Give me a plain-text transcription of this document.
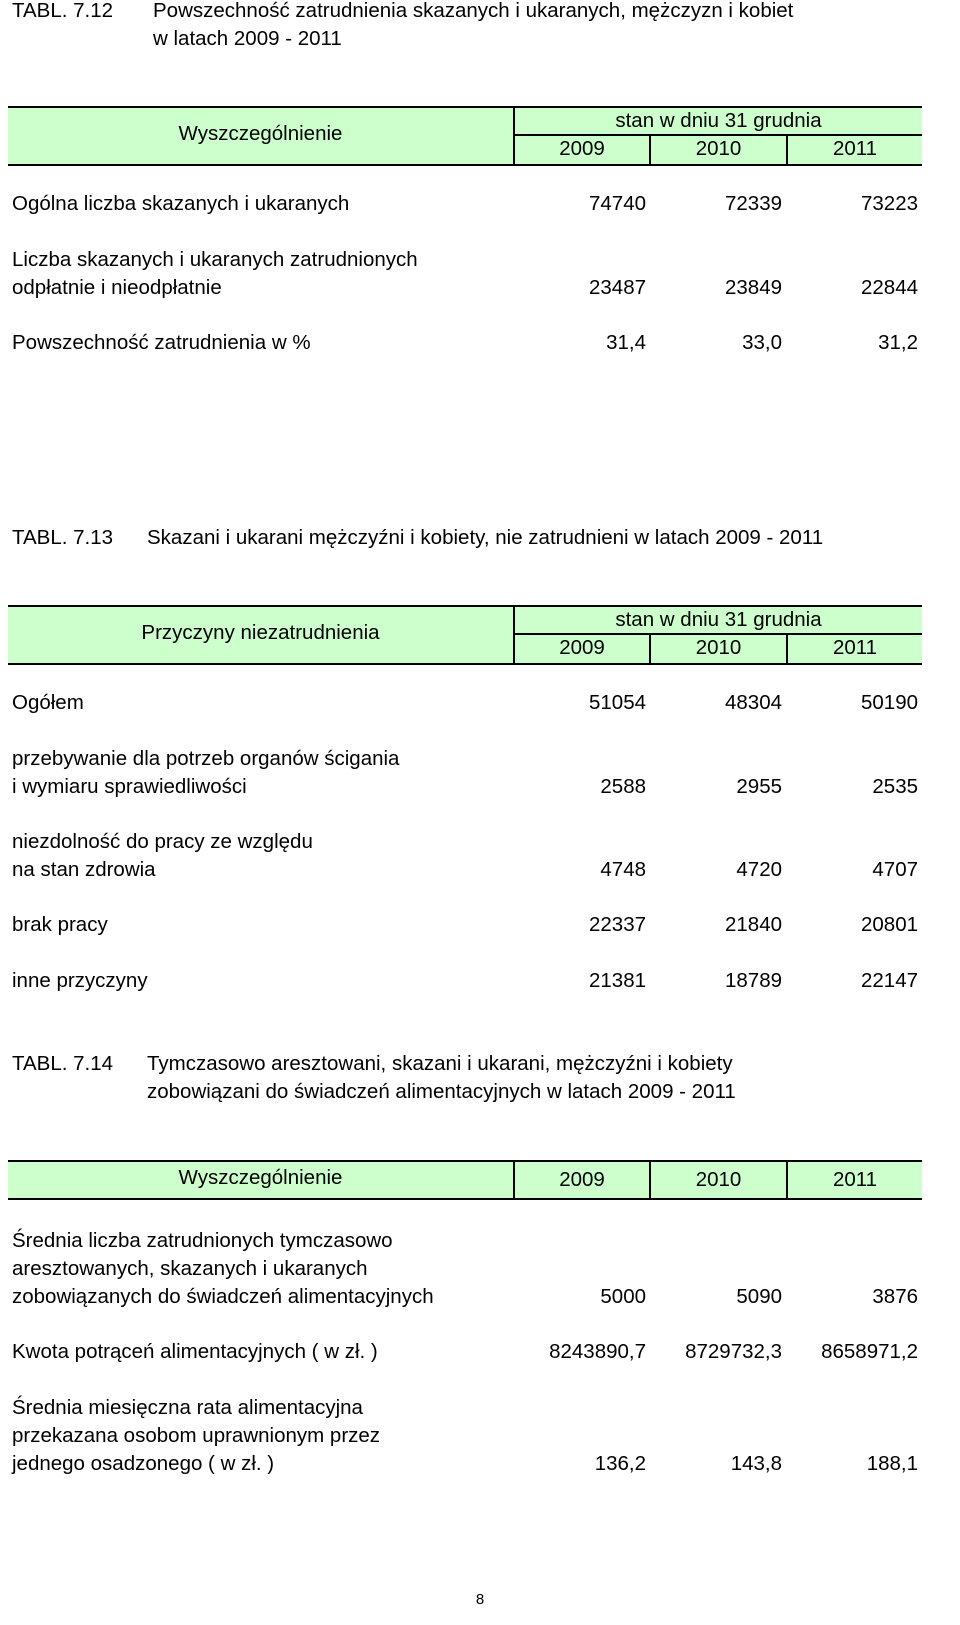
TABL. 7.12 Powszechność zatrudnienia skazanych i ukaranych, mężczyzn i kobiet
w latach 2009 - 2011
Wyszczególnienie
stan w dniu 31 grudnia
2009	2010	2011
Ogólna liczba skazanych i ukaranych	74740	72339	73223
Liczba skazanych i ukaranych zatrudnionych
odpłatnie i nieodpłatnie	23487	23849	22844
Powszechność zatrudnienia w %	31,4	33,0	31,2
TABL. 7.13 Skazani i ukarani mężczyźni i kobiety, nie zatrudnieni w latach 2009 - 2011
Przyczyny niezatrudnienia
stan w dniu 31 grudnia
2009	2010	2011
Ogółem	51054	48304	50190
przebywanie dla potrzeb organów ścigania
i wymiaru sprawiedliwości	2588	2955	2535
niezdolność do pracy ze względu
na stan zdrowia	4748	4720	4707
brak pracy	22337	21840	20801
inne przyczyny	21381	18789	22147
TABL. 7.14 Tymczasowo aresztowani, skazani i ukarani, mężczyźni i kobiety
zobowiązani do świadczeń alimentacyjnych w latach 2009 - 2011
Wyszczególnienie	2009	2010	2011
Średnia liczba zatrudnionych tymczasowo
aresztowanych, skazanych i ukaranych
zobowiązanych do świadczeń alimentacyjnych	5000	5090	3876
Kwota potrąceń alimentacyjnych ( w zł. )	8243890,7	8729732,3	8658971,2
Średnia miesięczna rata alimentacyjna
przekazana osobom uprawnionym przez
jednego osadzonego ( w zł. )	136,2	143,8	188,1
8
